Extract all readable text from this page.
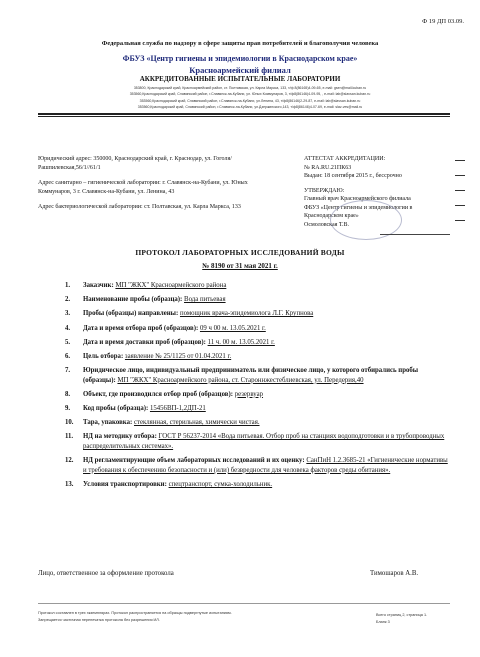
Ф 19 ДП 03.09.
Федеральная служба по надзору в сфере защиты прав потребителей и благополучия человека
ФБУЗ «Центр гигиены и эпидемиологии в Краснодарском крае»
Красноармейский филиал
АККРЕДИТОВАННЫЕ ИСПЫТАТЕЛЬНЫЕ ЛАБОРАТОРИИ
353800, Краснодарский край, Красноармейский район, ст. Полтавская, ул. Карла Маркса, 133, т/ф 8(86165)4-09-65, e-mail: gsen@mail.kuban.ru
353560,Краснодарский край, Славянский район, г.Славянск-на-Кубани, ул. Юных Коммунаров, 3, т/ф8(86146)4-09-95, , e-mail: lab@slavsan.kuban.ru
353560,Краснодарский край, Славянский район, г.Славянск-на-Кубани, ул.Ленина, 43, т/ф8(86146)2-29-87, e-mail: lab@slavsan.kuban.ru
353560,Краснодарский край, Славянский район, г.Славянск-на-Кубани, ул.Дзержинского,143, т/ф8(86146)4-07-69, e-mail: slav-ves@mail.ru

Юридический адрес: 350000, Краснодарский край, г. Краснодар, ул. Гоголя/Рашпилевская,56/1//61/1

Адрес санитарно – гигиенической лаборатории: г. Славянск-на-Кубани, ул. Юных Коммунаров, 3 г. Славянск-на-Кубани, ул. Ленина, 43

Адрес бактериологической лаборатории: ст. Полтавская, ул. Карла Маркса, 133

АТТЕСТАТ АККРЕДИТАЦИИ:

№ RA.RU.21ПК63

Выдан: 18 сентября 2015 г., бессрочно

УТВЕРЖДАЮ:

Главный врач Красноармейского филиала

ФБУЗ «Центр гигиены и эпидемиологии в

Краснодарском крае»

Осмоловская Т.В.

ПРОТОКОЛ ЛАБОРАТОРНЫХ ИССЛЕДОВАНИЙ ВОДЫ
№ 8190 от 31 мая 2021 г.
1. Заказчик: МП "ЖКХ" Красноармейского района
2. Наименование пробы (образца): Вода питьевая
3. Пробы (образцы) направлены: помощник врача-эпидемиолога Л.Г. Крупнова
4. Дата и время отбора проб (образцов): 09 ч 00 м. 13.05.2021 г.
5. Дата и время доставки проб (образцов): 11 ч. 00 м. 13.05.2021 г.
6. Цель отбора: заявление № 25/1125 от 01.04.2021 г.
7. Юридическое лицо, индивидуальный предприниматель или физическое лицо, у которого отбирались пробы (образцы): МП "ЖКХ" Красноармейского района, ст. Староннжестеблиевская, ул. Передерия,40
8. Объект, где производился отбор проб (образцов): резервуар
9. Код пробы (образца): 15456ВП-1,2ДП-21
10. Тара, упаковка: стеклянная, стерильная, химически чистая.
11. НД на методику отбора: ГОСТ Р 56237-2014 «Вода питьевая. Отбор проб на станциях водоподготовки и в трубопроводных распределительных системах».
12. НД регламентирующие объем лабораторных исследований и их оценку: СанПиН 1.2.3685-21 «Гигиенические нормативы и требования к обеспечению безопасности и (или) безвредности для человека факторов среды обитания».
13. Условия транспортировки: спецтранспорт, сумка-холодильник.
Лицо, ответственное за оформление протокола	Тимошаров А.В.

Протокол составлен в трех экземплярах. Протокол распространяется на образцы подвергнутые испытаниям.

Запрещается частичная перепечатка протокола без разрешения ИЛ.

Всего страниц 2, страница 1.

Бланк 3
